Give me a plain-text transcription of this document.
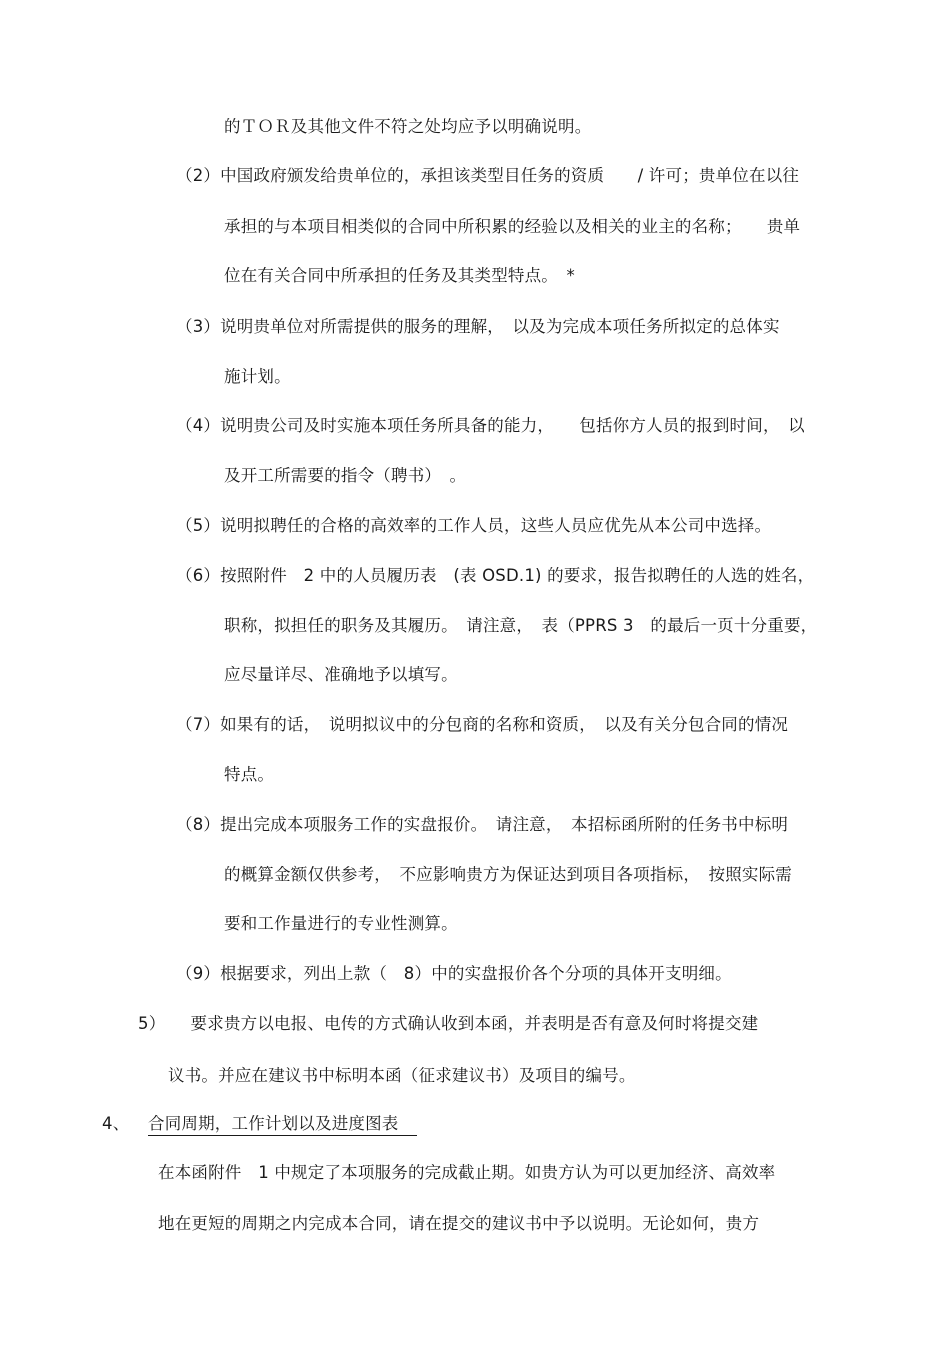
的ＴＯＲ及其他文件不符之处均应予以明确说明。
（2）中国政府颁发给贵单位的，承担该类型目任务的资质　　/ 许可；贵单位在以往
承担的与本项目相类似的合同中所积累的经验以及相关的业主的名称；　　贵单
位在有关合同中所承担的任务及其类型特点。　*
（3）说明贵单位对所需提供的服务的理解，　以及为完成本项任务所拟定的总体实
施计划。
（4）说明贵公司及时实施本项任务所具备的能力，　　包括你方人员的报到时间，　以
及开工所需要的指令（聘书）　。
（5）说明拟聘任的合格的高效率的工作人员，这些人员应优先从本公司中选择。
（6）按照附件　2 中的人员履历表　(表 OSD.1) 的要求，报告拟聘任的人选的姓名，
职称，拟担任的职务及其履历。　请注意，　表（PPRS 3　的最后一页十分重要，
应尽量详尽、准确地予以填写。
（7）如果有的话，　说明拟议中的分包商的名称和资质，　以及有关分包合同的情况
特点。
（8）提出完成本项服务工作的实盘报价。　请注意，　本招标函所附的任务书中标明
的概算金额仅供参考，　不应影响贵方为保证达到项目各项指标，　按照实际需
要和工作量进行的专业性测算。
（9）根据要求，列出上款（　8）中的实盘报价各个分项的具体开支明细。
5）　　要求贵方以电报、电传的方式确认收到本函，并表明是否有意及何时将提交建
议书。并应在建议书中标明本函（征求建议书）及项目的编号。
4、 合同周期，工作计划以及进度图表
在本函附件　1 中规定了本项服务的完成截止期。如贵方认为可以更加经济、高效率
地在更短的周期之内完成本合同，请在提交的建议书中予以说明。无论如何，贵方
